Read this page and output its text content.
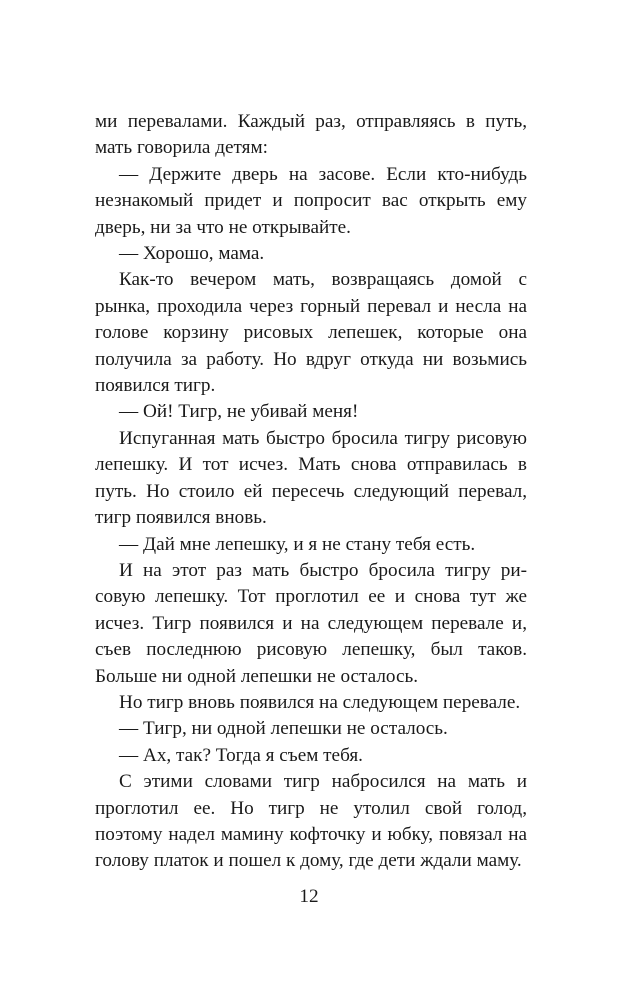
ми перевалами. Каждый раз, отправляясь в путь, мать говорила детям:

— Держите дверь на засове. Если кто-нибудь незнакомый придет и попросит вас открыть ему дверь, ни за что не открывайте.

— Хорошо, мама.

Как-то вечером мать, возвращаясь домой с рынка, проходила через горный перевал и несла на голове корзину рисовых лепешек, которые она получила за работу. Но вдруг откуда ни возьмись появился тигр.

— Ой! Тигр, не убивай меня!

Испуганная мать быстро бросила тигру рисовую лепешку. И тот исчез. Мать снова отправилась в путь. Но стоило ей пересечь следующий перевал, тигр появился вновь.

— Дай мне лепешку, и я не стану тебя есть.

И на этот раз мать быстро бросила тигру рисовую лепешку. Тот проглотил ее и снова тут же исчез. Тигр появился и на следующем перевале и, съев последнюю рисовую лепешку, был таков. Больше ни одной лепешки не осталось.

Но тигр вновь появился на следующем перевале.

— Тигр, ни одной лепешки не осталось.

— Ах, так? Тогда я съем тебя.

С этими словами тигр набросился на мать и проглотил ее. Но тигр не утолил свой голод, поэтому надел мамину кофточку и юбку, повязал на голову платок и пошел к дому, где дети ждали маму.

12
